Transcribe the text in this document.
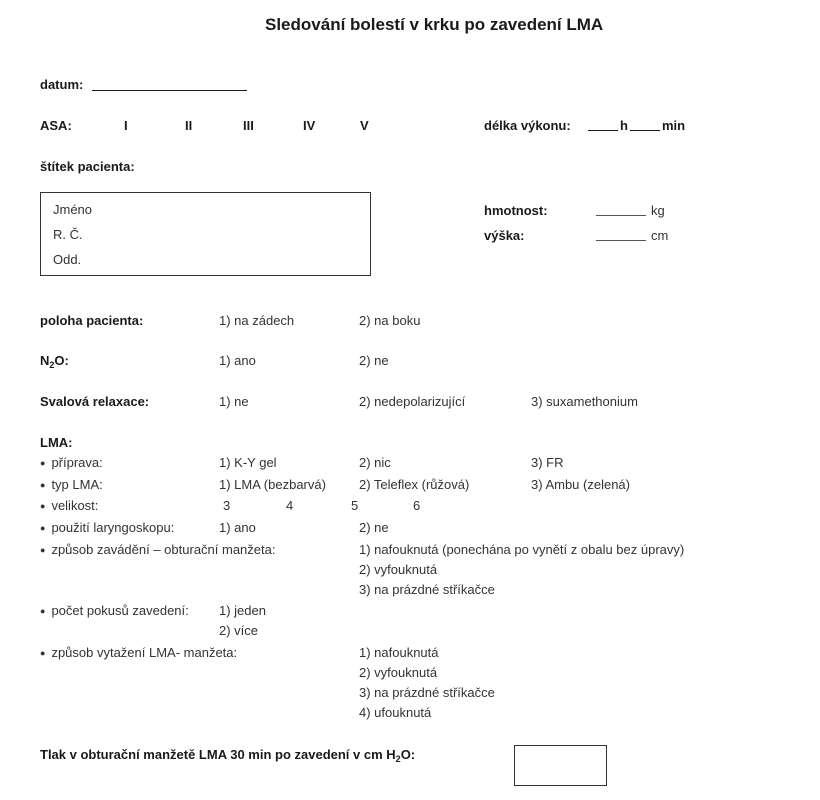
Sledování bolestí v krku po zavedení LMA
datum:
ASA:	I	II	III	IV	V	délka výkonu:	h	min
štítek pacienta:
Jméno
R. Č.
Odd.
hmotnost:	kg
výška:	cm
poloha pacienta:	1) na zádech	2) na boku
$N_2O$:	1) ano	2) ne
Svalová relaxace:	1) ne	2) nedepolarizující	3) suxamethonium
LMA:
● příprava:	1) K-Y gel	2) nic	3) FR
● typ LMA:	1) LMA (bezbarvá)	2) Teleflex (růžová)	3) Ambu (zelená)
● velikost:	3	4	5	6
● použití laryngoskopu:	1) ano	2) ne
● způsob zavádění – obturační manžeta:	1) nafouknutá (ponechána po vynětí z obalu bez úpravy)
2) vyfouknutá
3) na prázdné stříkačce
● počet pokusů zavedení: 1) jeden
2) více
● způsob vytažení LMA- manžeta:	1) nafouknutá
2) vyfouknutá
3) na prázdné stříkačce
4) ufouknutá
Tlak v obturační manžetě LMA 30 min po zavedení v cm $H_2O$:
